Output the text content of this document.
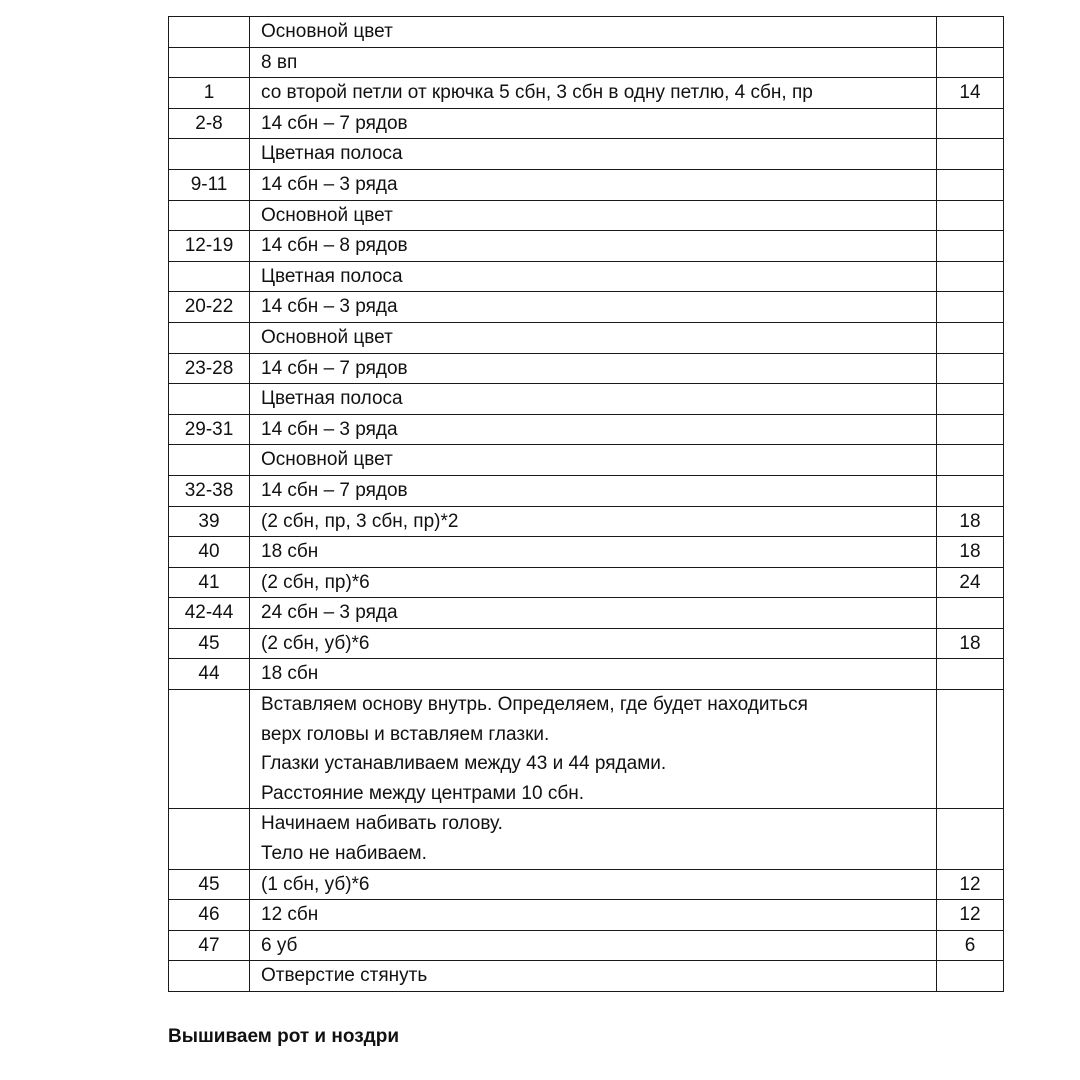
	Основной цвет	
	8 вп	
1	со второй петли от крючка 5 сбн, 3 сбн в одну петлю, 4 сбн, пр	14
2-8	14 сбн – 7 рядов	
	Цветная полоса	
9-11	14 сбн – 3 ряда	
	Основной цвет	
12-19	14 сбн – 8 рядов	
	Цветная полоса	
20-22	14 сбн – 3 ряда	
	Основной цвет	
23-28	14 сбн – 7 рядов	
	Цветная полоса	
29-31	14 сбн – 3 ряда	
	Основной цвет	
32-38	14 сбн – 7 рядов	
39	(2 сбн, пр, 3 сбн, пр)*2	18
40	18 сбн	18
41	(2 сбн, пр)*6	24
42-44	24 сбн – 3 ряда	
45	(2 сбн, уб)*6	18
44	18 сбн	
	Вставляем основу внутрь. Определяем, где будет находиться
верх головы и вставляем глазки.
Глазки устанавливаем между 43 и 44 рядами.
Расстояние между центрами 10 сбн.	
	Начинаем набивать голову.
Тело не набиваем.	
45	(1 сбн, уб)*6	12
46	12 сбн	12
47	6 уб	6
	Отверстие стянуть	

Вышиваем рот и ноздри
